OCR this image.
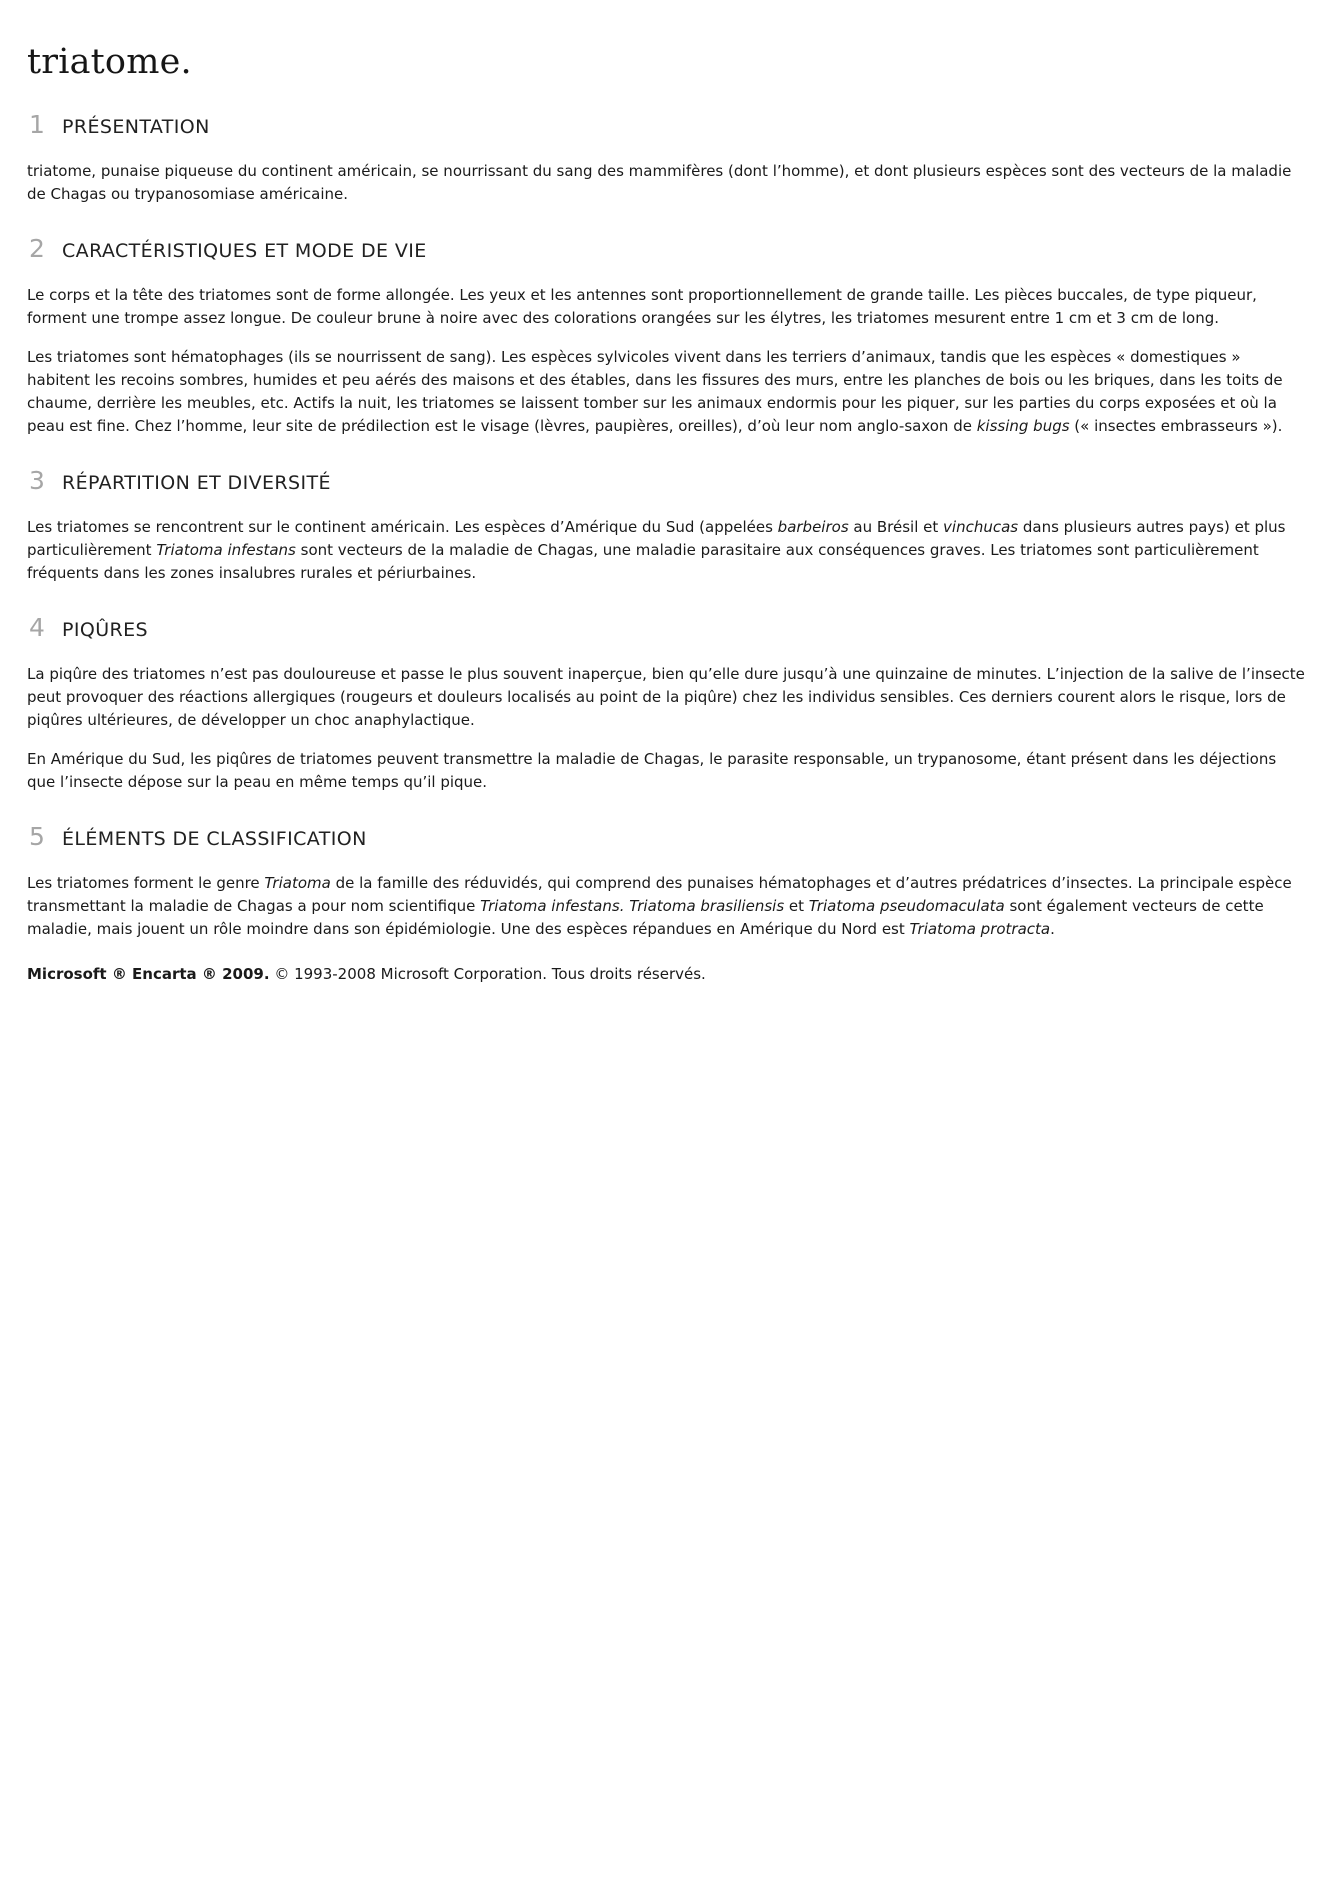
triatome.
1 PRÉSENTATION

triatome, punaise piqueuse du continent américain, se nourrissant du sang des mammifères (dont l’homme), et dont plusieurs espèces sont des vecteurs de la maladie de Chagas ou trypanosomiase américaine.

2 CARACTÉRISTIQUES ET MODE DE VIE

Le corps et la tête des triatomes sont de forme allongée. Les yeux et les antennes sont proportionnellement de grande taille. Les pièces buccales, de type piqueur, forment une trompe assez longue. De couleur brune à noire avec des colorations orangées sur les élytres, les triatomes mesurent entre 1 cm et 3 cm de long.

Les triatomes sont hématophages (ils se nourrissent de sang). Les espèces sylvicoles vivent dans les terriers d’animaux, tandis que les espèces « domestiques » habitent les recoins sombres, humides et peu aérés des maisons et des étables, dans les fissures des murs, entre les planches de bois ou les briques, dans les toits de chaume, derrière les meubles, etc. Actifs la nuit, les triatomes se laissent tomber sur les animaux endormis pour les piquer, sur les parties du corps exposées et où la peau est fine. Chez l’homme, leur site de prédilection est le visage (lèvres, paupières, oreilles), d’où leur nom anglo-saxon de kissing bugs (« insectes embrasseurs »).

3 RÉPARTITION ET DIVERSITÉ

Les triatomes se rencontrent sur le continent américain. Les espèces d’Amérique du Sud (appelées barbeiros au Brésil et vinchucas dans plusieurs autres pays) et plus particulièrement Triatoma infestans sont vecteurs de la maladie de Chagas, une maladie parasitaire aux conséquences graves. Les triatomes sont particulièrement fréquents dans les zones insalubres rurales et périurbaines.

4 PIQÛRES

La piqûre des triatomes n’est pas douloureuse et passe le plus souvent inaperçue, bien qu’elle dure jusqu’à une quinzaine de minutes. L’injection de la salive de l’insecte peut provoquer des réactions allergiques (rougeurs et douleurs localisés au point de la piqûre) chez les individus sensibles. Ces derniers courent alors le risque, lors de piqûres ultérieures, de développer un choc anaphylactique.

En Amérique du Sud, les piqûres de triatomes peuvent transmettre la maladie de Chagas, le parasite responsable, un trypanosome, étant présent dans les déjections que l’insecte dépose sur la peau en même temps qu’il pique.

5 ÉLÉMENTS DE CLASSIFICATION

Les triatomes forment le genre Triatoma de la famille des réduvidés, qui comprend des punaises hématophages et d’autres prédatrices d’insectes. La principale espèce transmettant la maladie de Chagas a pour nom scientifique Triatoma infestans. Triatoma brasiliensis et Triatoma pseudomaculata sont également vecteurs de cette maladie, mais jouent un rôle moindre dans son épidémiologie. Une des espèces répandues en Amérique du Nord est Triatoma protracta.

Microsoft ® Encarta ® 2009. © 1993-2008 Microsoft Corporation. Tous droits réservés.
